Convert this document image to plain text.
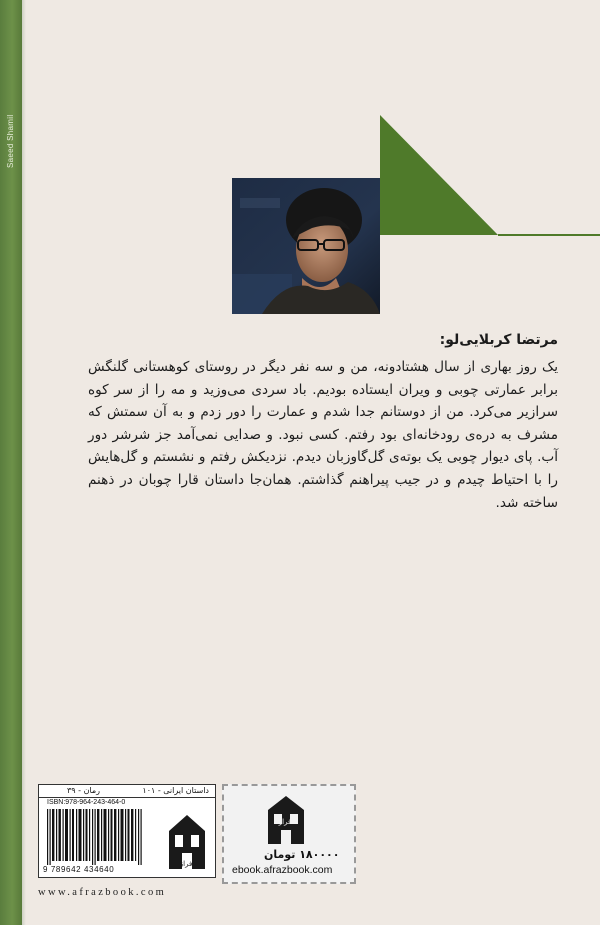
Saeed Shamil
مرتضا کربلایی‌لو:

یک روز بهاری از سال هشتادونه، من و سه نفر دیگر در روستای کوهستانی گلنگش برابر عمارتی چوبی و ویران ایستاده بودیم. باد سردی می‌وزید و مه را از سر کوه سرازیر می‌کرد. من از دوستانم جدا شدم و عمارت را دور زدم و به آن سمتش که مشرف به دره‌ی رودخانه‌ای بود رفتم. کسی نبود. و صدایی نمی‌آمد جز شرشر دور آب. پای دیوار چوبی یک بوته‌ی گل‌گاوزبان دیدم. نزدیکش رفتم و نشستم و گل‌هایش را با احتیاط چیدم و در جیب پیراهنم گذاشتم. همان‌جا داستان قارا چوبان در ذهنم ساخته شد.

داستان ایرانی - ۱۰۱
رمان - ۳۹
ISBN:978-964-243-464-0
9 789642 434640
افراز
افراز
۱۸۰۰۰۰ تومان
ebook.afrazbook.com
www.afrazbook.com
